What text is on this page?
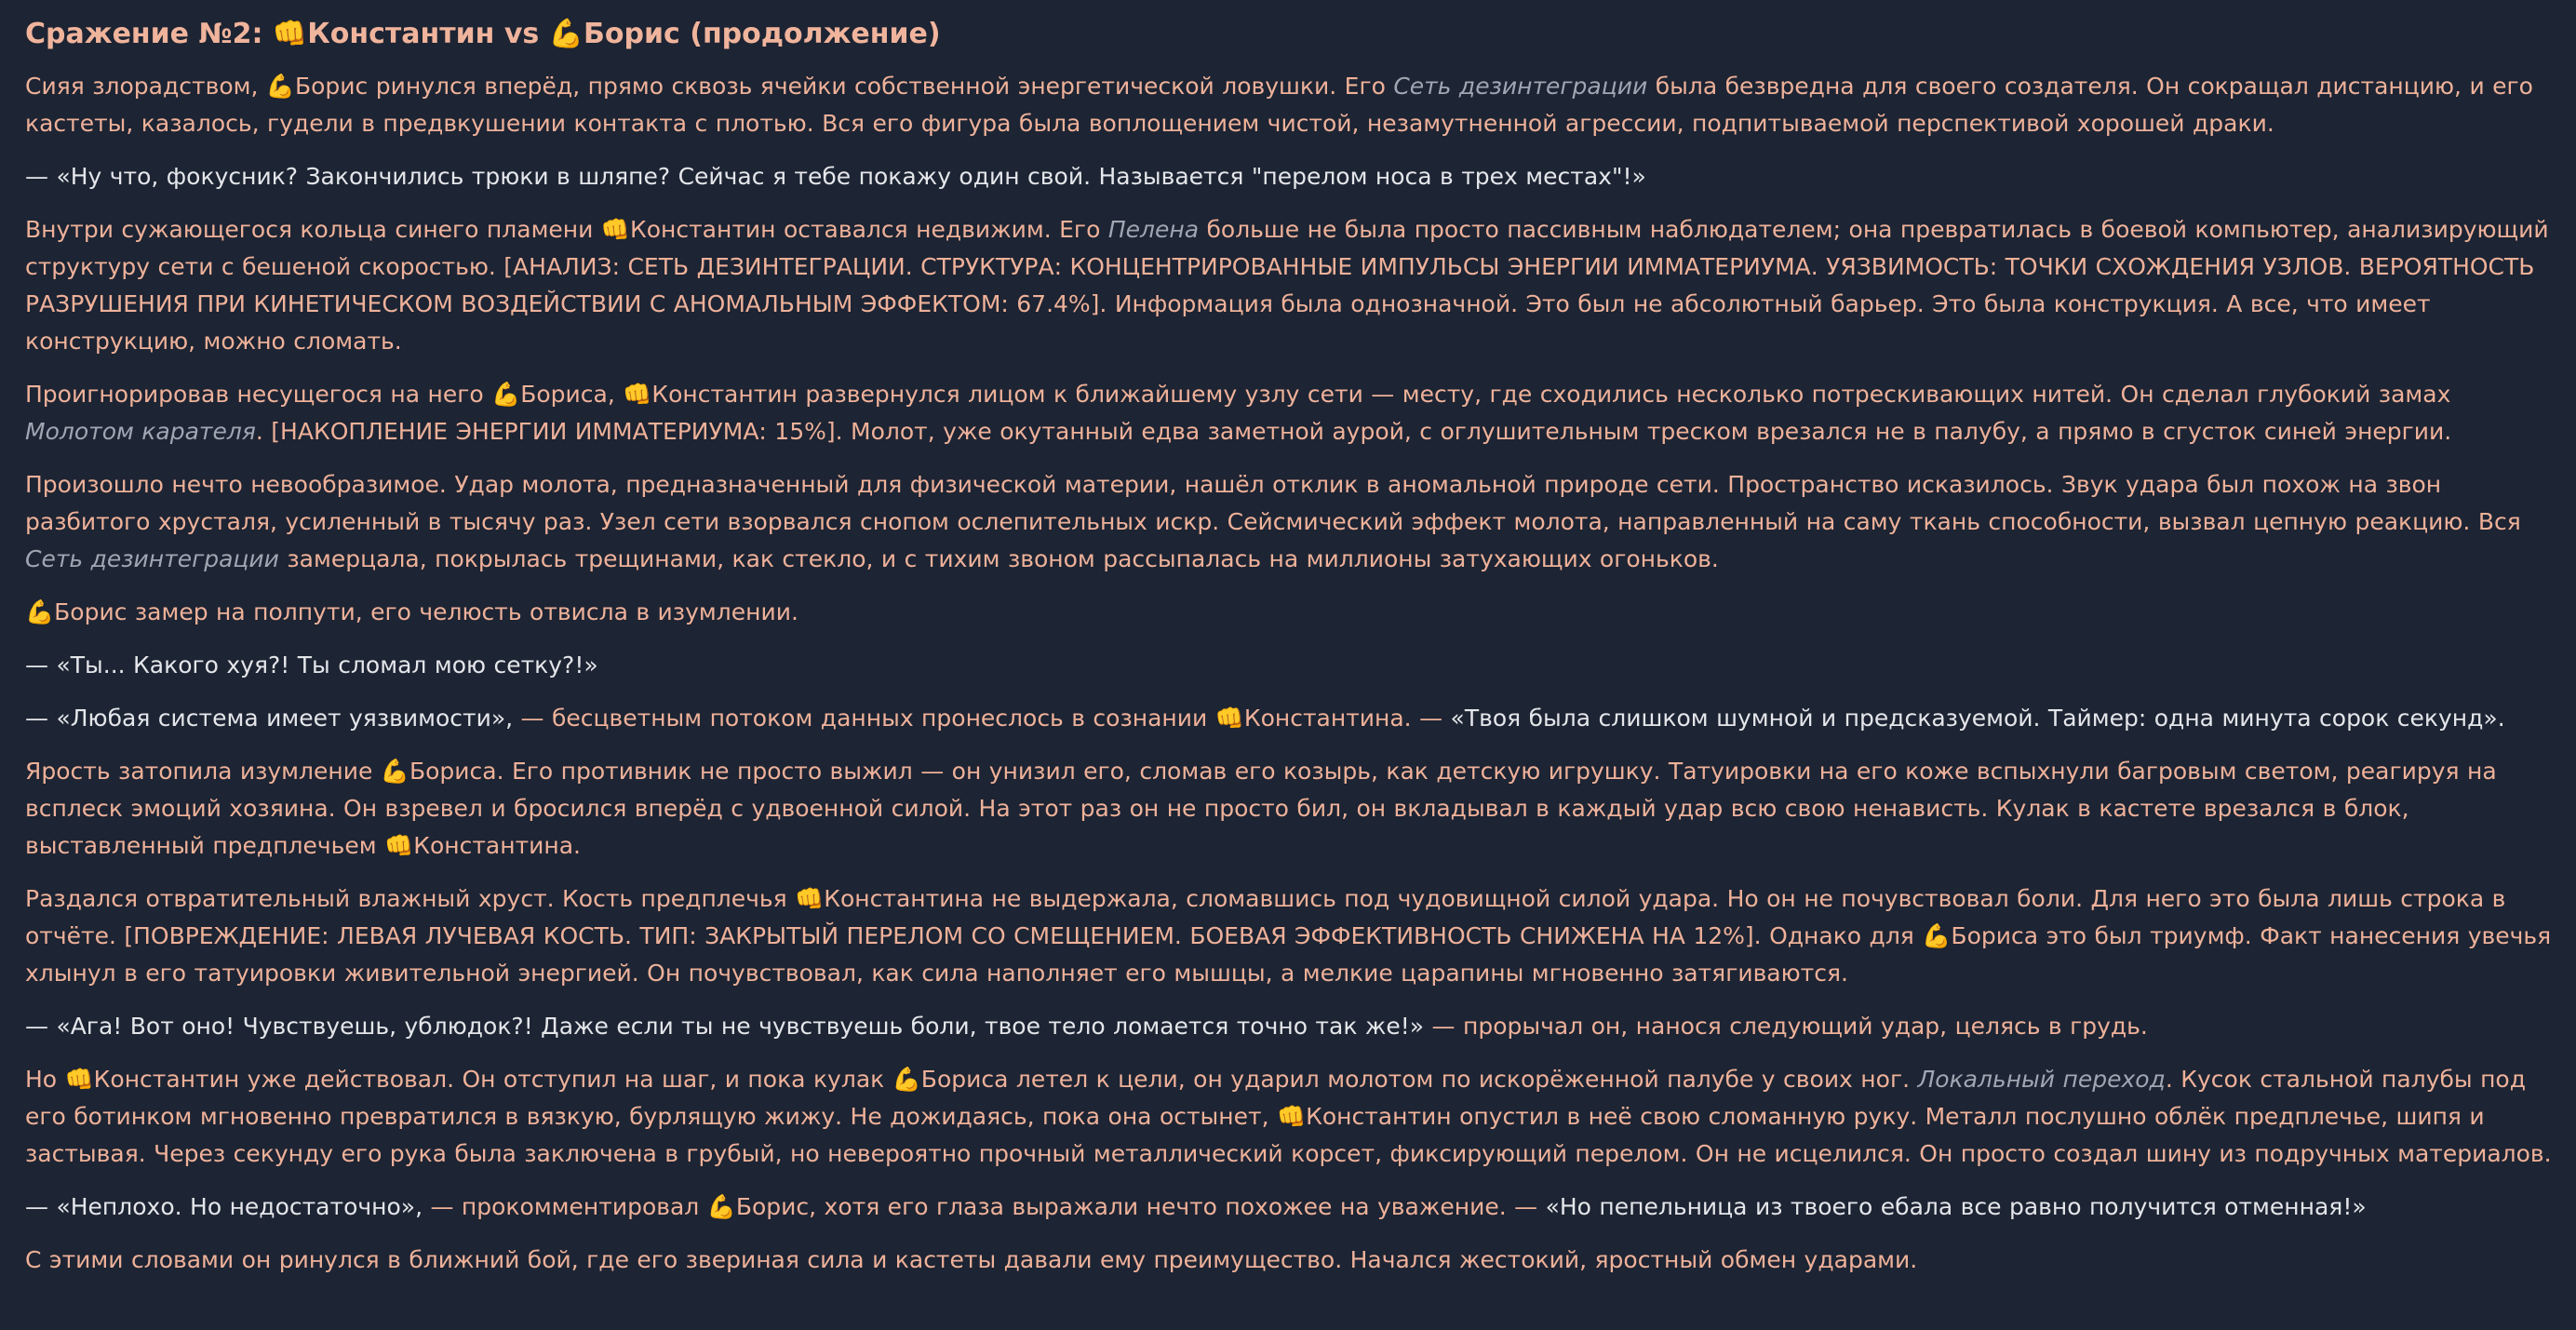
Сражение №2: 👊Константин vs 💪Борис (продолжение)

Сияя злорадством, 💪Борис ринулся вперёд, прямо сквозь ячейки собственной энергетической ловушки. Его Сеть дезинтеграции была безвредна для своего создателя. Он сокращал дистанцию, и его кастеты, казалось, гудели в предвкушении контакта с плотью. Вся его фигура была воплощением чистой, незамутненной агрессии, подпитываемой перспективой хорошей драки.

— «Ну что, фокусник? Закончились трюки в шляпе? Сейчас я тебе покажу один свой. Называется "перелом носа в трех местах"!»

Внутри сужающегося кольца синего пламени 👊Константин оставался недвижим. Его Пелена больше не была просто пассивным наблюдателем; она превратилась в боевой компьютер, анализирующий структуру сети с бешеной скоростью. [АНАЛИЗ: СЕТЬ ДЕЗИНТЕГРАЦИИ. СТРУКТУРА: КОНЦЕНТРИРОВАННЫЕ ИМПУЛЬСЫ ЭНЕРГИИ ИММАТЕРИУМА. УЯЗВИМОСТЬ: ТОЧКИ СХОЖДЕНИЯ УЗЛОВ. ВЕРОЯТНОСТЬ РАЗРУШЕНИЯ ПРИ КИНЕТИЧЕСКОМ ВОЗДЕЙСТВИИ С АНОМАЛЬНЫМ ЭФФЕКТОМ: 67.4%]. Информация была однозначной. Это был не абсолютный барьер. Это была конструкция. А все, что имеет конструкцию, можно сломать.

Проигнорировав несущегося на него 💪Бориса, 👊Константин развернулся лицом к ближайшему узлу сети — месту, где сходились несколько потрескивающих нитей. Он сделал глубокий замах Молотом карателя. [НАКОПЛЕНИЕ ЭНЕРГИИ ИММАТЕРИУМА: 15%]. Молот, уже окутанный едва заметной аурой, с оглушительным треском врезался не в палубу, а прямо в сгусток синей энергии.

Произошло нечто невообразимое. Удар молота, предназначенный для физической материи, нашёл отклик в аномальной природе сети. Пространство исказилось. Звук удара был похож на звон разбитого хрусталя, усиленный в тысячу раз. Узел сети взорвался снопом ослепительных искр. Сейсмический эффект молота, направленный на саму ткань способности, вызвал цепную реакцию. Вся Сеть дезинтеграции замерцала, покрылась трещинами, как стекло, и с тихим звоном рассыпалась на миллионы затухающих огоньков.

💪Борис замер на полпути, его челюсть отвисла в изумлении.

— «Ты... Какого хуя?! Ты сломал мою сетку?!»

— «Любая система имеет уязвимости», — бесцветным потоком данных пронеслось в сознании 👊Константина. — «Твоя была слишком шумной и предсказуемой. Таймер: одна минута сорок секунд».

Ярость затопила изумление 💪Бориса. Его противник не просто выжил — он унизил его, сломав его козырь, как детскую игрушку. Татуировки на его коже вспыхнули багровым светом, реагируя на всплеск эмоций хозяина. Он взревел и бросился вперёд с удвоенной силой. На этот раз он не просто бил, он вкладывал в каждый удар всю свою ненависть. Кулак в кастете врезался в блок, выставленный предплечьем 👊Константина.

Раздался отвратительный влажный хруст. Кость предплечья 👊Константина не выдержала, сломавшись под чудовищной силой удара. Но он не почувствовал боли. Для него это была лишь строка в отчёте. [ПОВРЕЖДЕНИЕ: ЛЕВАЯ ЛУЧЕВАЯ КОСТЬ. ТИП: ЗАКРЫТЫЙ ПЕРЕЛОМ СО СМЕЩЕНИЕМ. БОЕВАЯ ЭФФЕКТИВНОСТЬ СНИЖЕНА НА 12%]. Однако для 💪Бориса это был триумф. Факт нанесения увечья хлынул в его татуировки живительной энергией. Он почувствовал, как сила наполняет его мышцы, а мелкие царапины мгновенно затягиваются.

— «Ага! Вот оно! Чувствуешь, ублюдок?! Даже если ты не чувствуешь боли, твое тело ломается точно так же!» — прорычал он, нанося следующий удар, целясь в грудь.

Но 👊Константин уже действовал. Он отступил на шаг, и пока кулак 💪Бориса летел к цели, он ударил молотом по искорёженной палубе у своих ног. Локальный переход. Кусок стальной палубы под его ботинком мгновенно превратился в вязкую, бурлящую жижу. Не дожидаясь, пока она остынет, 👊Константин опустил в неё свою сломанную руку. Металл послушно облёк предплечье, шипя и застывая. Через секунду его рука была заключена в грубый, но невероятно прочный металлический корсет, фиксирующий перелом. Он не исцелился. Он просто создал шину из подручных материалов.

— «Неплохо. Но недостаточно», — прокомментировал 💪Борис, хотя его глаза выражали нечто похожее на уважение. — «Но пепельница из твоего ебала все равно получится отменная!»

С этими словами он ринулся в ближний бой, где его звериная сила и кастеты давали ему преимущество. Начался жестокий, яростный обмен ударами.
